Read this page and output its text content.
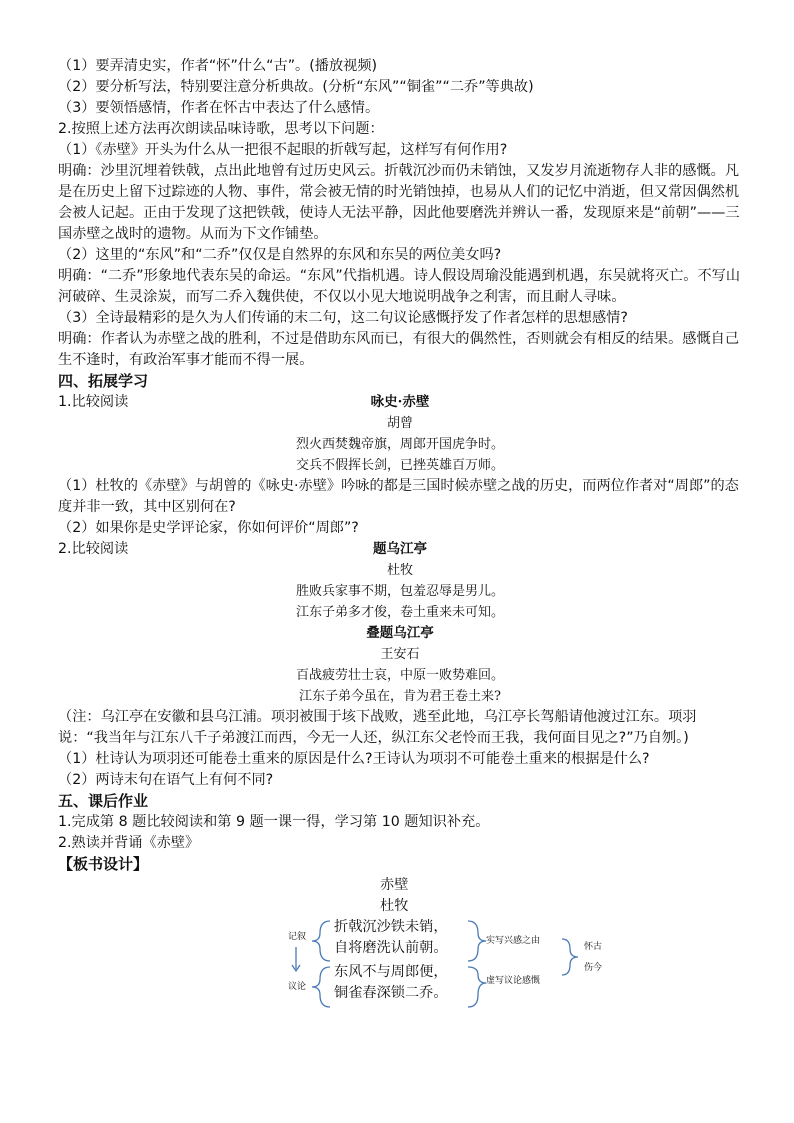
（1）要弄清史实，作者“怀”什么“古”。(播放视频)

（2）要分析写法，特别要注意分析典故。(分析“东风”“铜雀”“二乔”等典故)

（3）要领悟感情，作者在怀古中表达了什么感情。

2.按照上述方法再次朗读品味诗歌，思考以下问题：

（1）《赤壁》开头为什么从一把很不起眼的折戟写起，这样写有何作用?

明确：沙里沉埋着铁戟，点出此地曾有过历史风云。折戟沉沙而仍未销蚀，又发岁月流逝物存人非的感慨。凡是在历史上留下过踪迹的人物、事件，常会被无情的时光销蚀掉，也易从人们的记忆中消逝，但又常因偶然机会被人记起。正由于发现了这把铁戟，使诗人无法平静，因此他要磨洗并辨认一番，发现原来是“前朝”——三国赤壁之战时的遗物。从而为下文作铺垫。

（2）这里的“东风”和“二乔”仅仅是自然界的东风和东吴的两位美女吗?

明确：“二乔”形象地代表东吴的命运。“东风”代指机遇。诗人假设周瑜没能遇到机遇，东吴就将灭亡。不写山河破碎、生灵涂炭，而写二乔入魏供使，不仅以小见大地说明战争之利害，而且耐人寻味。

（3）全诗最精彩的是久为人们传诵的末二句，这二句议论感慨抒发了作者怎样的思想感情?

明确：作者认为赤壁之战的胜利，不过是借助东风而已，有很大的偶然性，否则就会有相反的结果。感慨自己生不逢时，有政治军事才能而不得一展。

四、拓展学习

1.比较阅读	咏史·赤壁

胡曾

烈火西焚魏帝旗，周郎开国虎争时。

交兵不假挥长剑，已挫英雄百万师。

（1）杜牧的《赤壁》与胡曾的《咏史·赤壁》吟咏的都是三国时候赤壁之战的历史，而两位作者对“周郎”的态度并非一致，其中区别何在?

（2）如果你是史学评论家，你如何评价“周郎”?

2.比较阅读	题乌江亭

杜牧

胜败兵家事不期，包羞忍辱是男儿。

江东子弟多才俊，卷土重来未可知。

叠题乌江亭

王安石

百战疲劳壮士哀，中原一败势难回。

江东子弟今虽在，肯为君王卷土来?

（注：乌江亭在安徽和县乌江浦。项羽被围于垓下战败，逃至此地，乌江亭长驾船请他渡过江东。项羽说：“我当年与江东八千子弟渡江而西，今无一人还，纵江东父老怜而王我，我何面目见之?”乃自刎。)

（1）杜诗认为项羽还可能卷土重来的原因是什么?王诗认为项羽不可能卷土重来的根据是什么?

（2）两诗末句在语气上有何不同?

五、课后作业

1.完成第 8 题比较阅读和第 9 题一课一得，学习第 10 题知识补充。

2.熟读并背诵《赤壁》

【板书设计】

赤壁
杜牧
折戟沉沙铁未销，
自将磨洗认前朝。
东风不与周郎便，
铜雀春深锁二乔。
记叙
议论
实写兴感之由
虚写议论感慨
怀古
伤今
